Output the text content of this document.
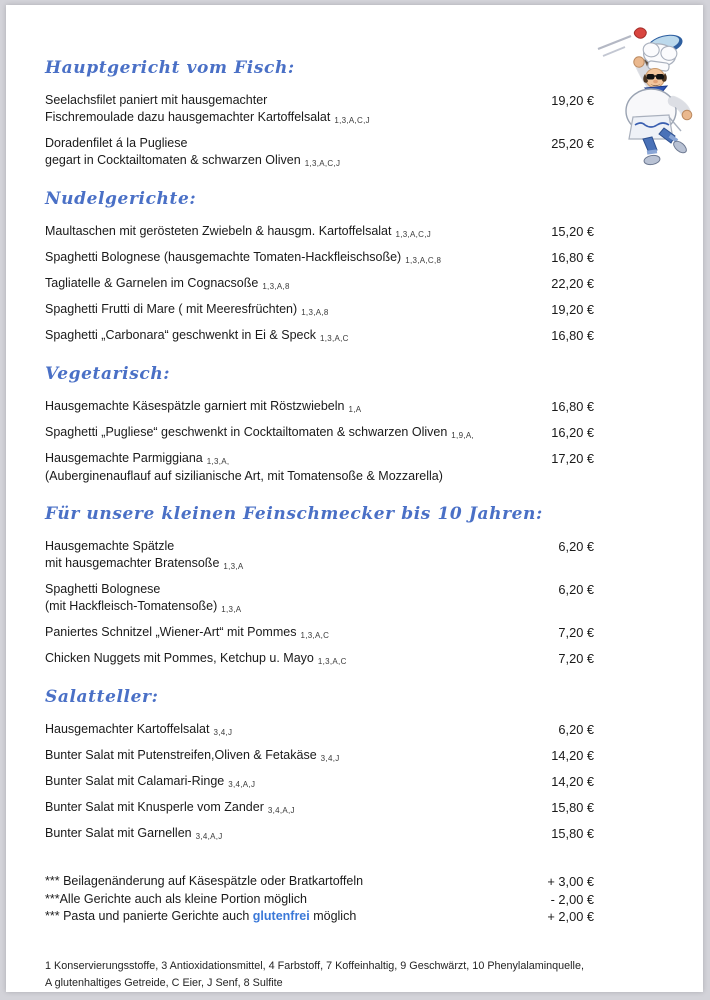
Hauptgericht vom Fisch:
Seelachsfilet paniert mit hausgemachter
Fischremoulade dazu hausgemachter Kartoffelsalat 1,3,A,C,J
19,20 €
Doradenfilet á la Pugliese
gegart in Cocktailtomaten & schwarzen Oliven 1,3,A,C,J
25,20 €
Nudelgerichte:
Maultaschen mit gerösteten Zwiebeln & hausgm. Kartoffelsalat 1,3,A,C,J	15,20 €
Spaghetti Bolognese (hausgemachte Tomaten-Hackfleischsoße) 1,3,A,C,8	16,80 €
Tagliatelle & Garnelen im Cognacsoße 1,3,A,8	22,20 €
Spaghetti Frutti di Mare ( mit Meeresfrüchten) 1,3,A,8	19,20 €
Spaghetti „Carbonara“ geschwenkt in Ei & Speck 1,3,A,C	16,80 €
Vegetarisch:
Hausgemachte Käsespätzle garniert mit Röstzwiebeln 1,A	16,80 €
Spaghetti „Pugliese“ geschwenkt in Cocktailtomaten & schwarzen Oliven 1,9,A,	16,20 €
Hausgemachte Parmiggiana 1,3,A,
(Auberginenauflauf auf sizilianische Art, mit Tomatensoße & Mozzarella)
17,20 €
Für unsere kleinen Feinschmecker bis 10 Jahren:
Hausgemachte Spätzle
mit hausgemachter Bratensoße 1,3,A
6,20 €
Spaghetti Bolognese
(mit Hackfleisch-Tomatensoße) 1,3,A
6,20 €
Paniertes Schnitzel „Wiener-Art“ mit Pommes 1,3,A,C	7,20 €
Chicken Nuggets mit Pommes, Ketchup u. Mayo 1,3,A,C	7,20 €
Salatteller:
Hausgemachter Kartoffelsalat 3,4,J	6,20 €
Bunter Salat mit Putenstreifen,Oliven & Fetakäse 3,4,J	14,20 €
Bunter Salat mit Calamari-Ringe 3,4,A,J	14,20 €
Bunter Salat mit Knusperle vom Zander 3,4,A,J	15,80 €
Bunter Salat mit Garnellen 3,4,A,J	15,80 €
*** Beilagenänderung auf Käsespätzle oder Bratkartoffeln	+ 3,00 €
***Alle Gerichte auch als kleine Portion möglich	- 2,00 €
*** Pasta und panierte Gerichte auch glutenfrei möglich	+ 2,00 €
1 Konservierungsstoffe, 3 Antioxidationsmittel, 4 Farbstoff, 7 Koffeinhaltig, 9 Geschwärzt, 10 Phenylalaminquelle,
A glutenhaltiges Getreide, C Eier, J Senf, 8 Sulfite
